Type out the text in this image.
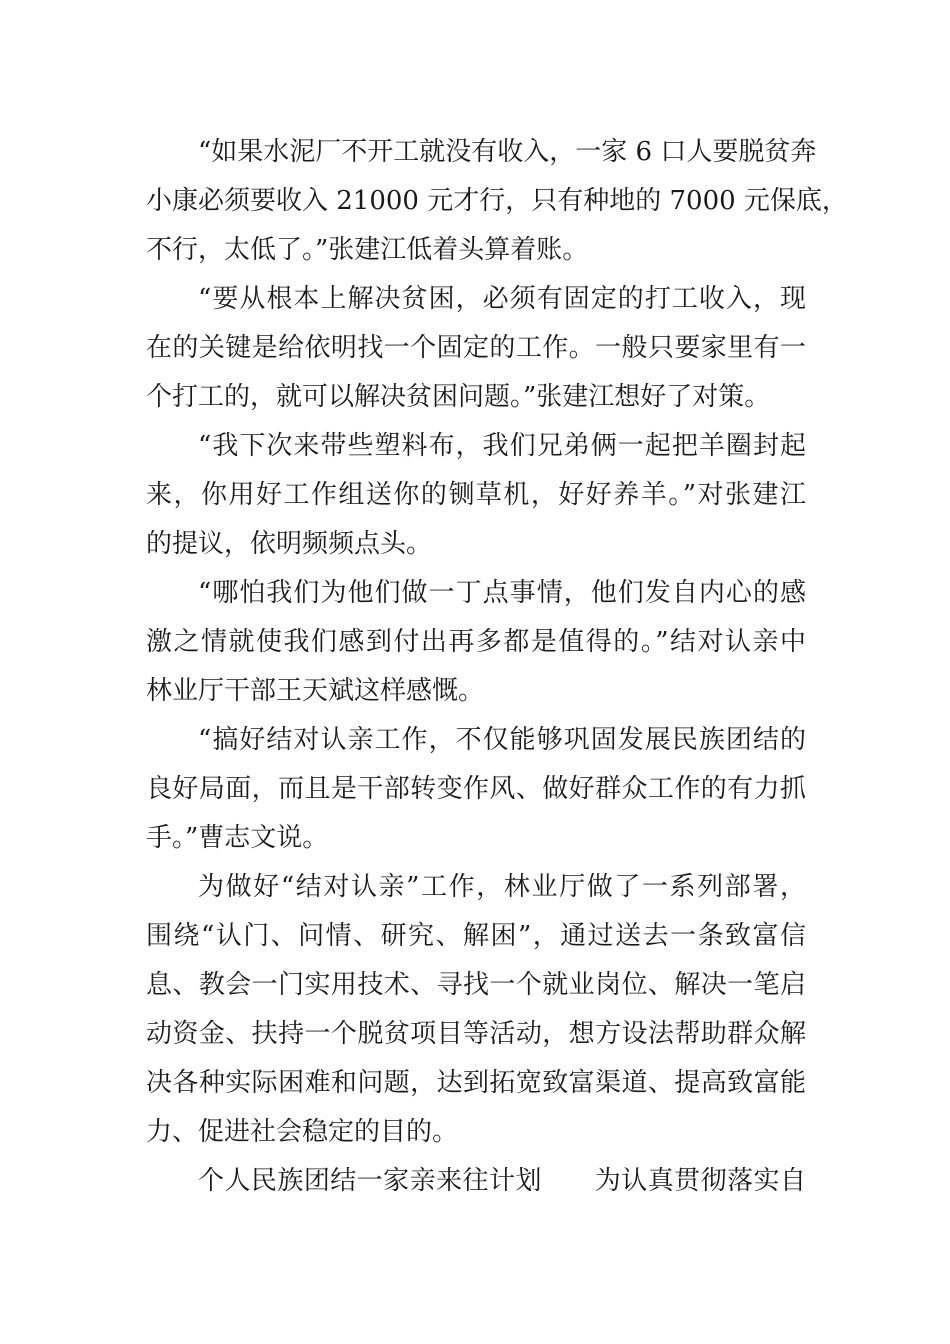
“如果水泥厂不开工就没有收入，一家 6 口人要脱贫奔
小康必须要收入 21000 元才行，只有种地的 7000 元保底，
不行，太低了。”张建江低着头算着账。
“要从根本上解决贫困，必须有固定的打工收入，现
在的关键是给依明找一个固定的工作。一般只要家里有一
个打工的，就可以解决贫困问题。”张建江想好了对策。
“我下次来带些塑料布，我们兄弟俩一起把羊圈封起
来，你用好工作组送你的铡草机，好好养羊。”对张建江
的提议，依明频频点头。
“哪怕我们为他们做一丁点事情，他们发自内心的感
激之情就使我们感到付出再多都是值得的。”结对认亲中
林业厅干部王天斌这样感慨。
“搞好结对认亲工作，不仅能够巩固发展民族团结的
良好局面，而且是干部转变作风、做好群众工作的有力抓
手。”曹志文说。
为做好“结对认亲”工作，林业厅做了一系列部署，
围绕“认门、问情、研究、解困”，通过送去一条致富信
息、教会一门实用技术、寻找一个就业岗位、解决一笔启
动资金、扶持一个脱贫项目等活动，想方设法帮助群众解
决各种实际困难和问题，达到拓宽致富渠道、提高致富能
力、促进社会稳定的目的。
个人民族团结一家亲来往计划　　为认真贯彻落实自
